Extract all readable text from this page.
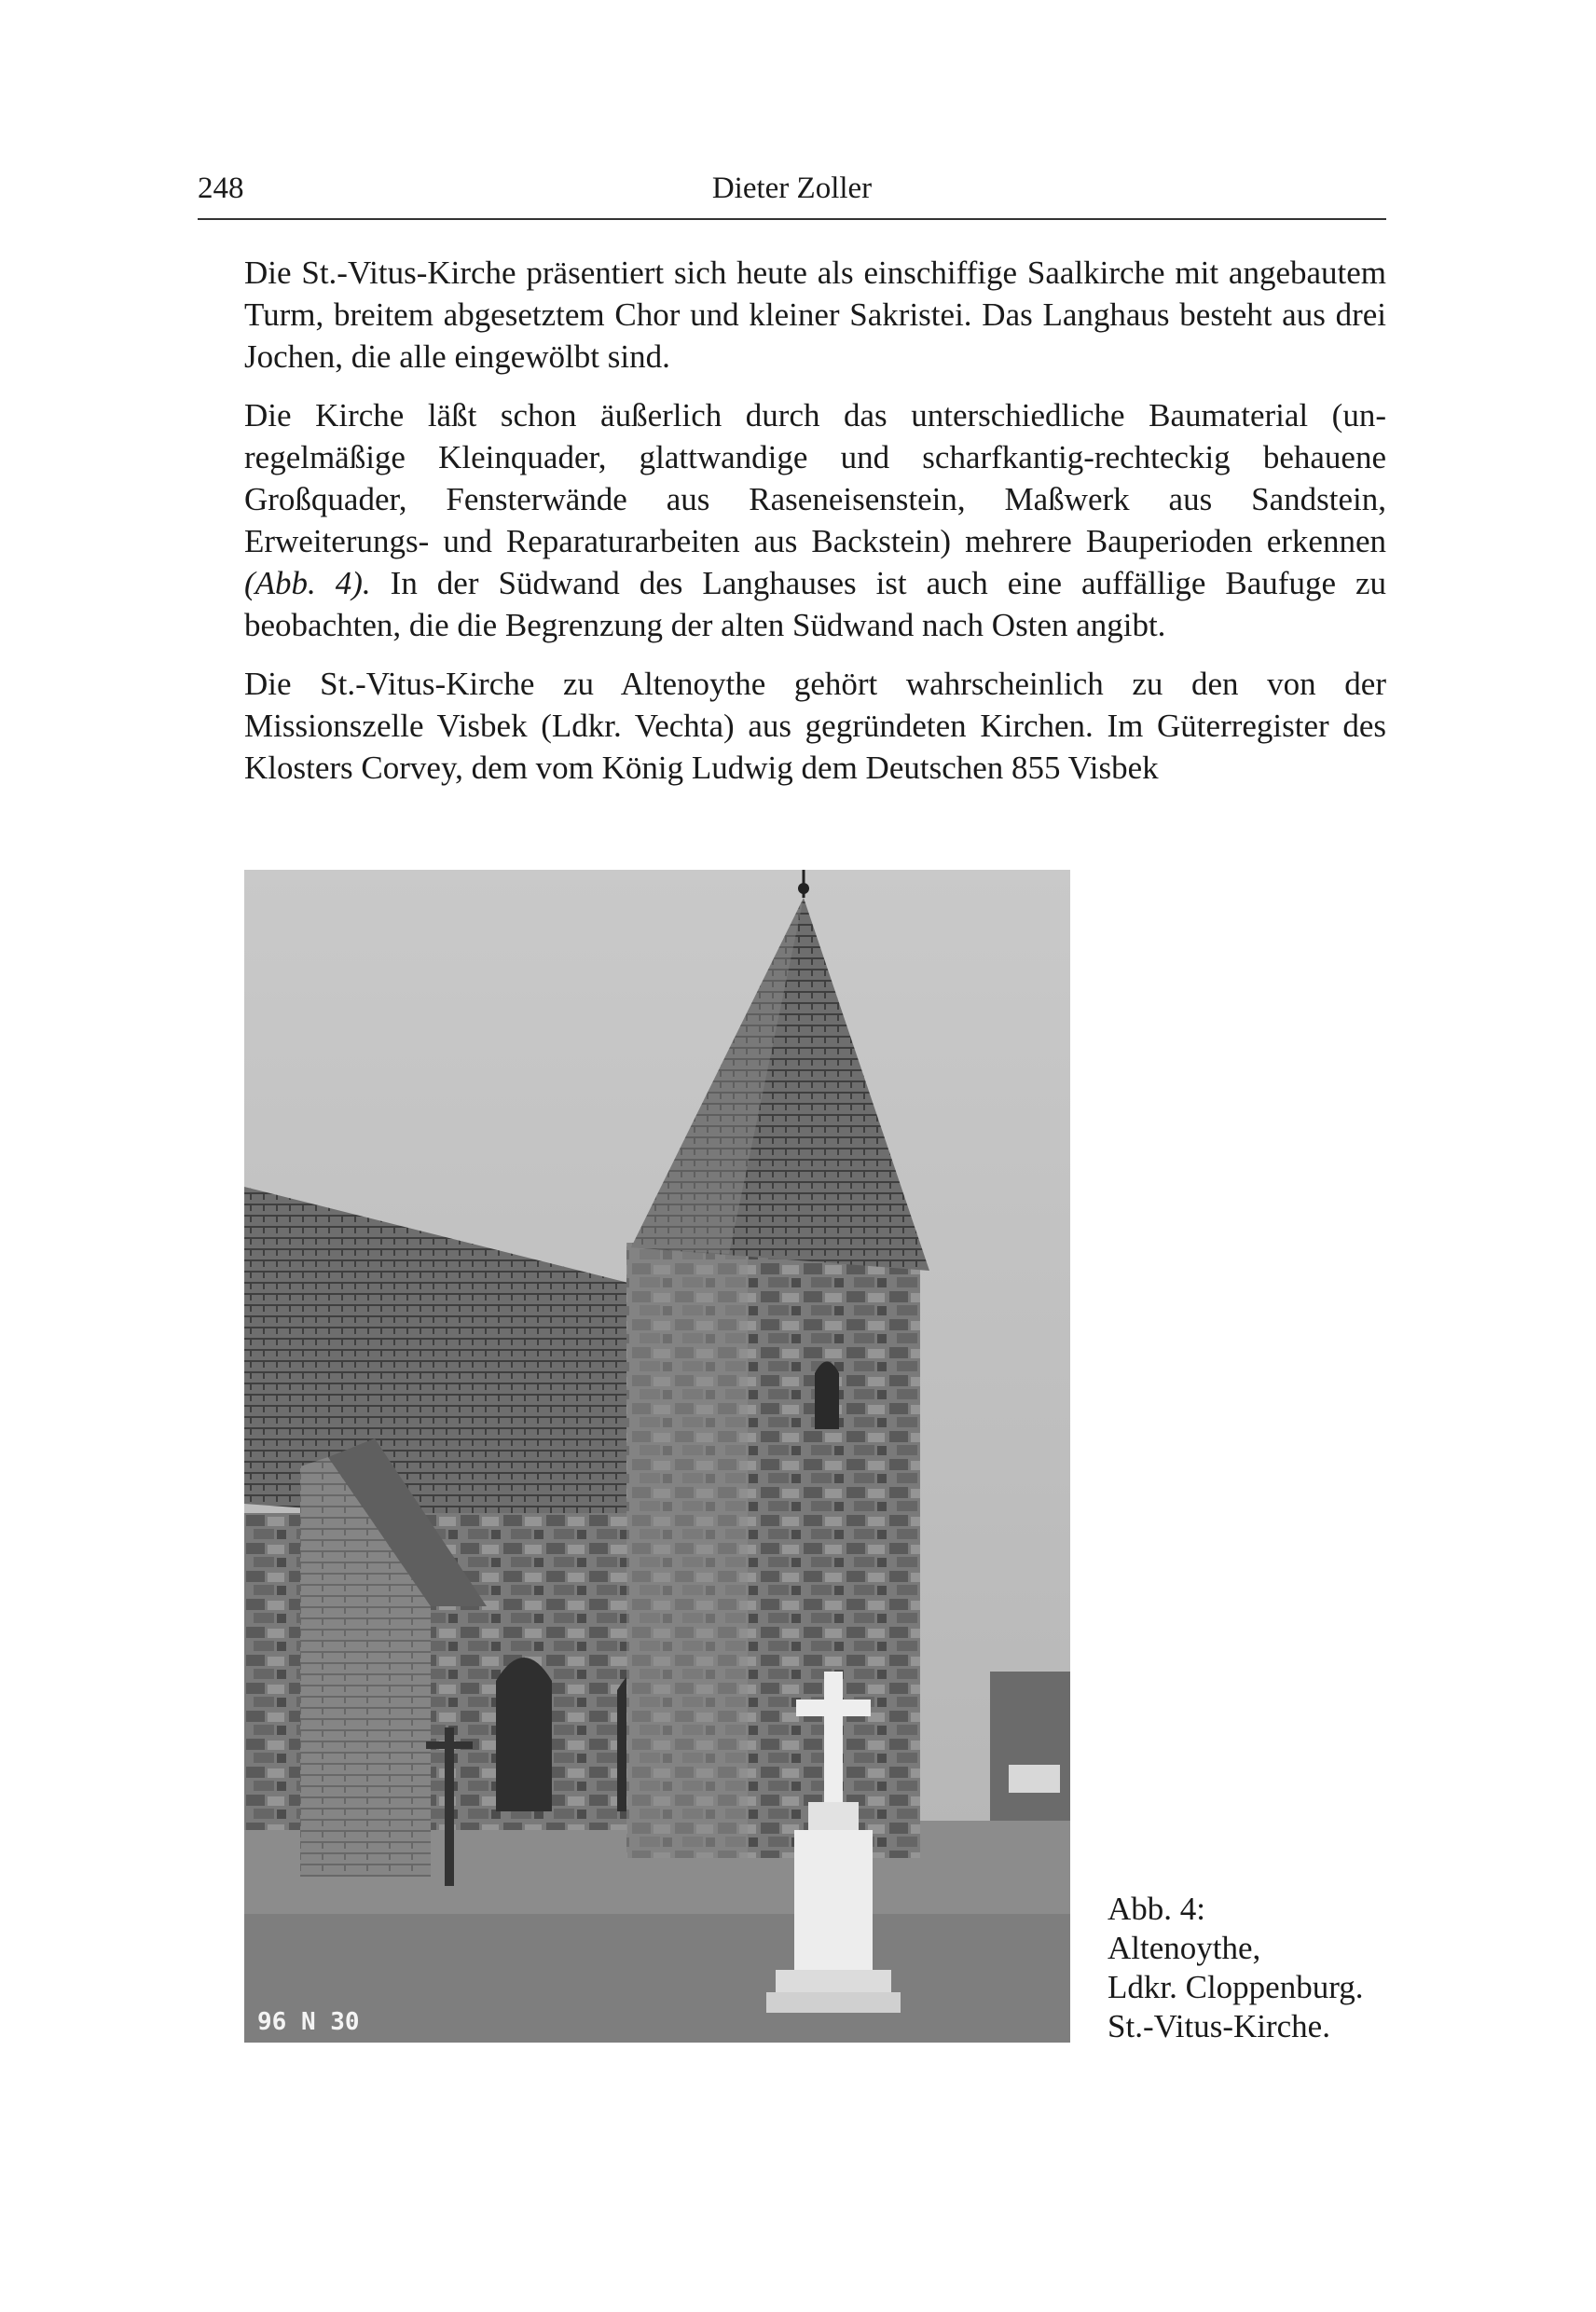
248	Dieter Zoller

Die St.-Vitus-Kirche präsentiert sich heute als einschiffige Saalkirche mit angebautem Turm, breitem abgesetztem Chor und kleiner Sakristei. Das Langhaus besteht aus drei Jochen, die alle eingewölbt sind.

Die Kirche läßt schon äußerlich durch das unterschiedliche Baumaterial (unregelmäßige Kleinquader, glattwandige und scharfkantig-rechteckig behauene Großquader, Fensterwände aus Raseneisenstein, Maßwerk aus Sandstein, Erweiterungs- und Reparaturarbeiten aus Backstein) mehrere Bauperioden erkennen (Abb. 4). In der Südwand des Langhauses ist auch eine auffällige Baufuge zu beobachten, die die Begrenzung der alten Südwand nach Osten angibt.

Die St.-Vitus-Kirche zu Altenoythe gehört wahrscheinlich zu den von der Missionszelle Visbek (Ldkr. Vechta) aus gegründeten Kirchen. Im Güterregister des Klosters Corvey, dem vom König Ludwig dem Deutschen 855 Visbek

96 N 30
Abb. 4:
Altenoythe,
Ldkr. Cloppenburg.
St.-Vitus-Kirche.
